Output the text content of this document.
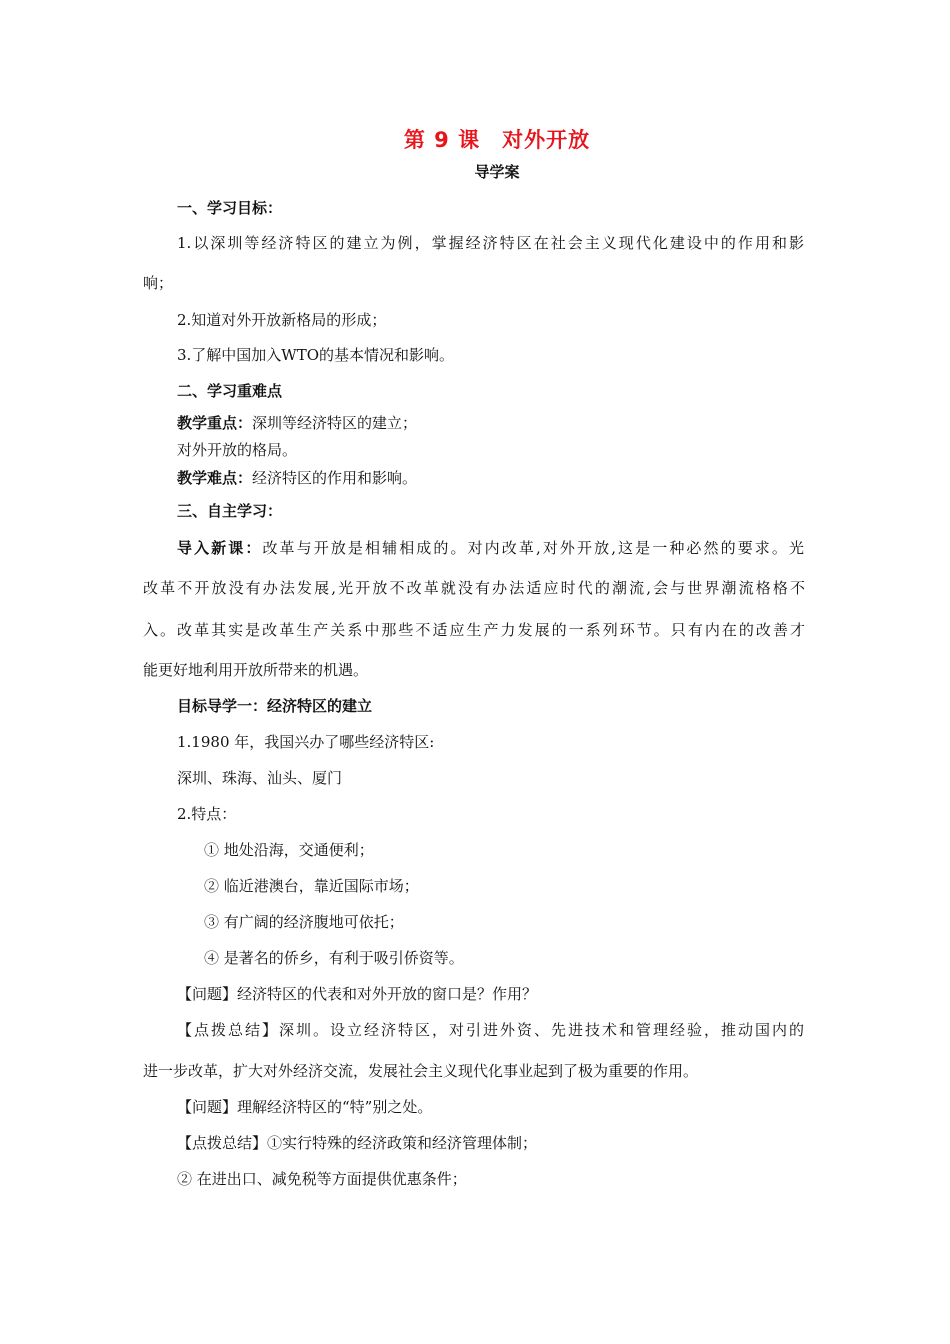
第 9 课　对外开放
导学案
一、学习目标：
1.以深圳等经济特区的建立为例，掌握经济特区在社会主义现代化建设中的作用和影
响；
2.知道对外开放新格局的形成；
3.了解中国加入WTO的基本情况和影响。
二、学习重难点
教学重点：深圳等经济特区的建立；
对外开放的格局。
教学难点：经济特区的作用和影响。
三、自主学习：
导入新课：改革与开放是相辅相成的。对内改革,对外开放,这是一种必然的要求。光
改革不开放没有办法发展,光开放不改革就没有办法适应时代的潮流,会与世界潮流格格不
入。改革其实是改革生产关系中那些不适应生产力发展的一系列环节。只有内在的改善才
能更好地利用开放所带来的机遇。
目标导学一：经济特区的建立
1.1980 年，我国兴办了哪些经济特区:
深圳、珠海、汕头、厦门
2.特点：
① 地处沿海，交通便利；
② 临近港澳台，靠近国际市场；
③ 有广阔的经济腹地可依托；
④ 是著名的侨乡，有利于吸引侨资等。
【问题】经济特区的代表和对外开放的窗口是？作用？
【点拨总结】深圳。设立经济特区，对引进外资、先进技术和管理经验，推动国内的
进一步改革，扩大对外经济交流，发展社会主义现代化事业起到了极为重要的作用。
【问题】理解经济特区的“特”别之处。
【点拨总结】①实行特殊的经济政策和经济管理体制；
② 在进出口、减免税等方面提供优惠条件；
